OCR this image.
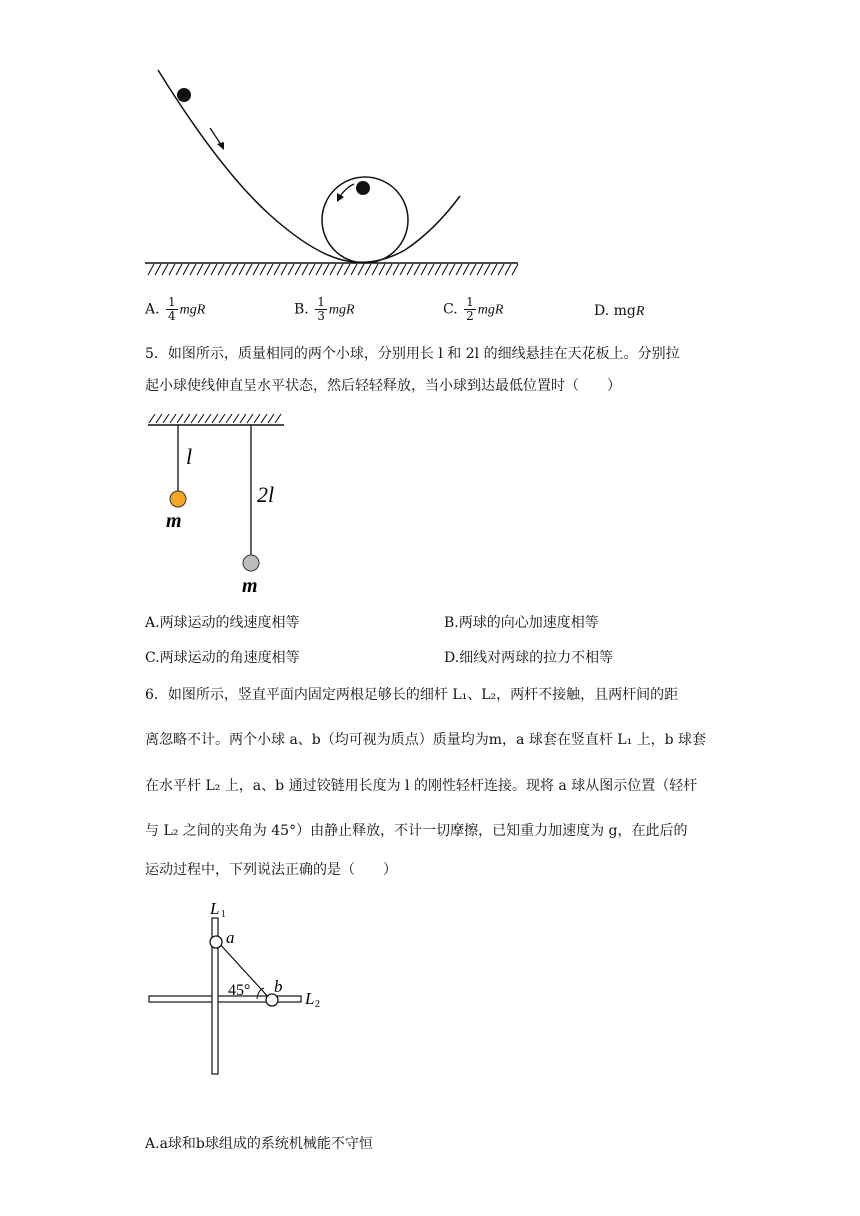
A. $\frac{1}{4}$ mgR	B. $\frac{1}{3}$ mgR	C. $\frac{1}{2}$ mgR	D. mgR
5．如图所示，质量相同的两个小球，分别用长 l 和 2l 的细线悬挂在天花板上。分别拉
起小球使线伸直呈水平状态，然后轻轻释放，当小球到达最低位置时（　　）
l
2l
m
m
A.两球运动的线速度相等	B.两球的向心加速度相等
C.两球运动的角速度相等	D.细线对两球的拉力不相等
6．如图所示，竖直平面内固定两根足够长的细杆 L₁、L₂，两杆不接触，且两杆间的距
离忽略不计。两个小球 a、b（均可视为质点）质量均为m，a 球套在竖直杆 L₁ 上，b 球套
在水平杆 L₂ 上，a、b 通过铰链用长度为 l 的刚性轻杆连接。现将 a 球从图示位置（轻杆
与 L₂ 之间的夹角为 45°）由静止释放，不计一切摩擦，已知重力加速度为 g，在此后的
运动过程中，下列说法正确的是（　　）
L 1
a
45° b
L 2
A.a球和b球组成的系统机械能不守恒
